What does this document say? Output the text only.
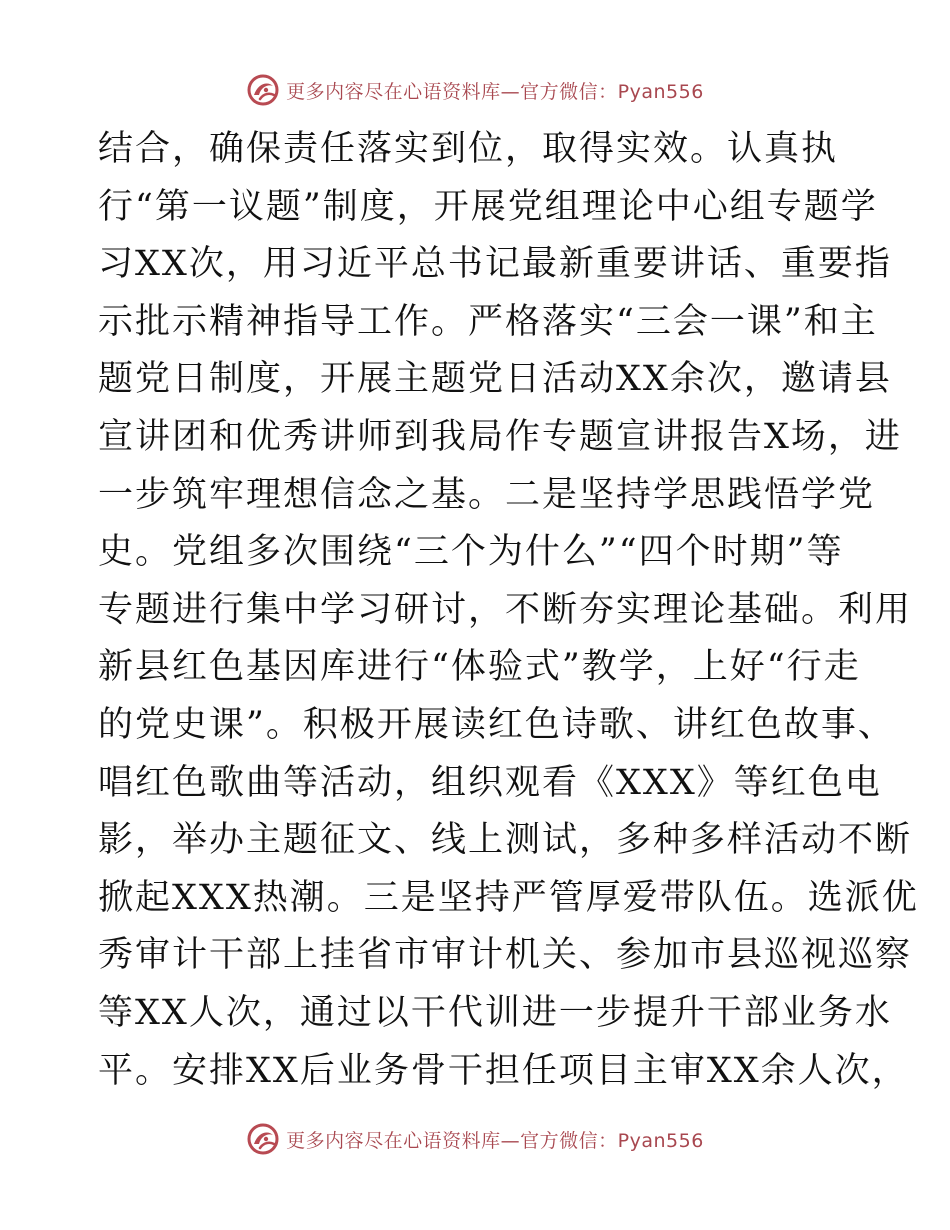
更多内容尽在心语资料库—官方微信：Pyan556
结合，确保责任落实到位，取得实效。认真执
行“第一议题”制度，开展党组理论中心组专题学
习XX次，用习近平总书记最新重要讲话、重要指
示批示精神指导工作。严格落实“三会一课”和主
题党日制度，开展主题党日活动XX余次，邀请县
宣讲团和优秀讲师到我局作专题宣讲报告X场，进
一步筑牢理想信念之基。二是坚持学思践悟学党
史。党组多次围绕“三个为什么”“四个时期”等
专题进行集中学习研讨，不断夯实理论基础。利用
新县红色基因库进行“体验式”教学，上好“行走
的党史课”。积极开展读红色诗歌、讲红色故事、
唱红色歌曲等活动，组织观看《XXX》等红色电
影，举办主题征文、线上测试，多种多样活动不断
掀起XXX热潮。三是坚持严管厚爱带队伍。选派优
秀审计干部上挂省市审计机关、参加市县巡视巡察
等XX人次，通过以干代训进一步提升干部业务水
平。安排XX后业务骨干担任项目主审XX余人次，
更多内容尽在心语资料库—官方微信：Pyan556
